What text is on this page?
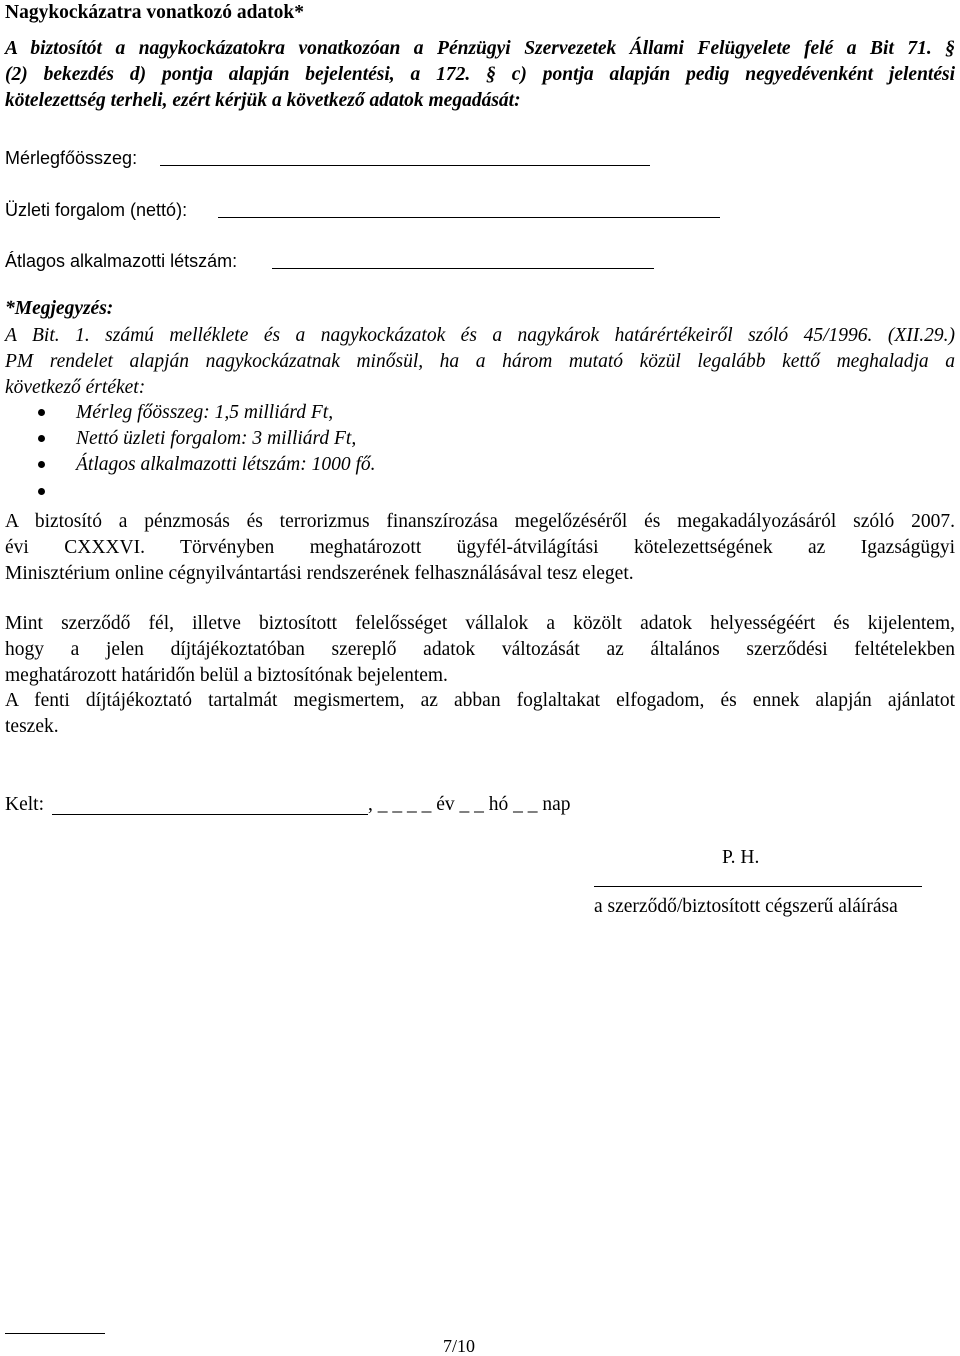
Nagykockázatra vonatkozó adatok*
A biztosítót a nagykockázatokra vonatkozóan a Pénzügyi Szervezetek Állami Felügyelete felé a Bit 71. §
(2) bekezdés d) pontja alapján bejelentési, a 172. § c) pontja alapján pedig negyedévenként jelentési
kötelezettség terheli, ezért kérjük a következő adatok megadását:
Mérlegfőösszeg:
Üzleti forgalom (nettó):
Átlagos alkalmazotti létszám:
*Megjegyzés:
A Bit. 1. számú melléklete és a nagykockázatok és a nagykárok határértékeiről szóló 45/1996. (XII.29.)
PM rendelet alapján nagykockázatnak minősül, ha a három mutató közül legalább kettő meghaladja a
következő értéket:
Mérleg főösszeg: 1,5 milliárd Ft,
Nettó üzleti forgalom: 3 milliárd Ft,
Átlagos alkalmazotti létszám: 1000 fő.
A biztosító a pénzmosás és terrorizmus finanszírozása megelőzéséről és megakadályozásáról szóló 2007.
évi CXXXVI. Törvényben meghatározott ügyfél-átvilágítási kötelezettségének az Igazságügyi
Minisztérium online cégnyilvántartási rendszerének felhasználásával tesz eleget.
Mint szerződő fél, illetve biztosított felelősséget vállalok a közölt adatok helyességéért és kijelentem,
hogy a jelen díjtájékoztatóban szereplő adatok változását az általános szerződési feltételekben
meghatározott határidőn belül a biztosítónak bejelentem.
A fenti díjtájékoztató tartalmát megismertem, az abban foglaltakat elfogadom, és ennek alapján ajánlatot
teszek.
Kelt:	, _ _ _ _ év _ _ hó _ _ nap
P. H.
a szerződő/biztosított cégszerű aláírása
7/10
